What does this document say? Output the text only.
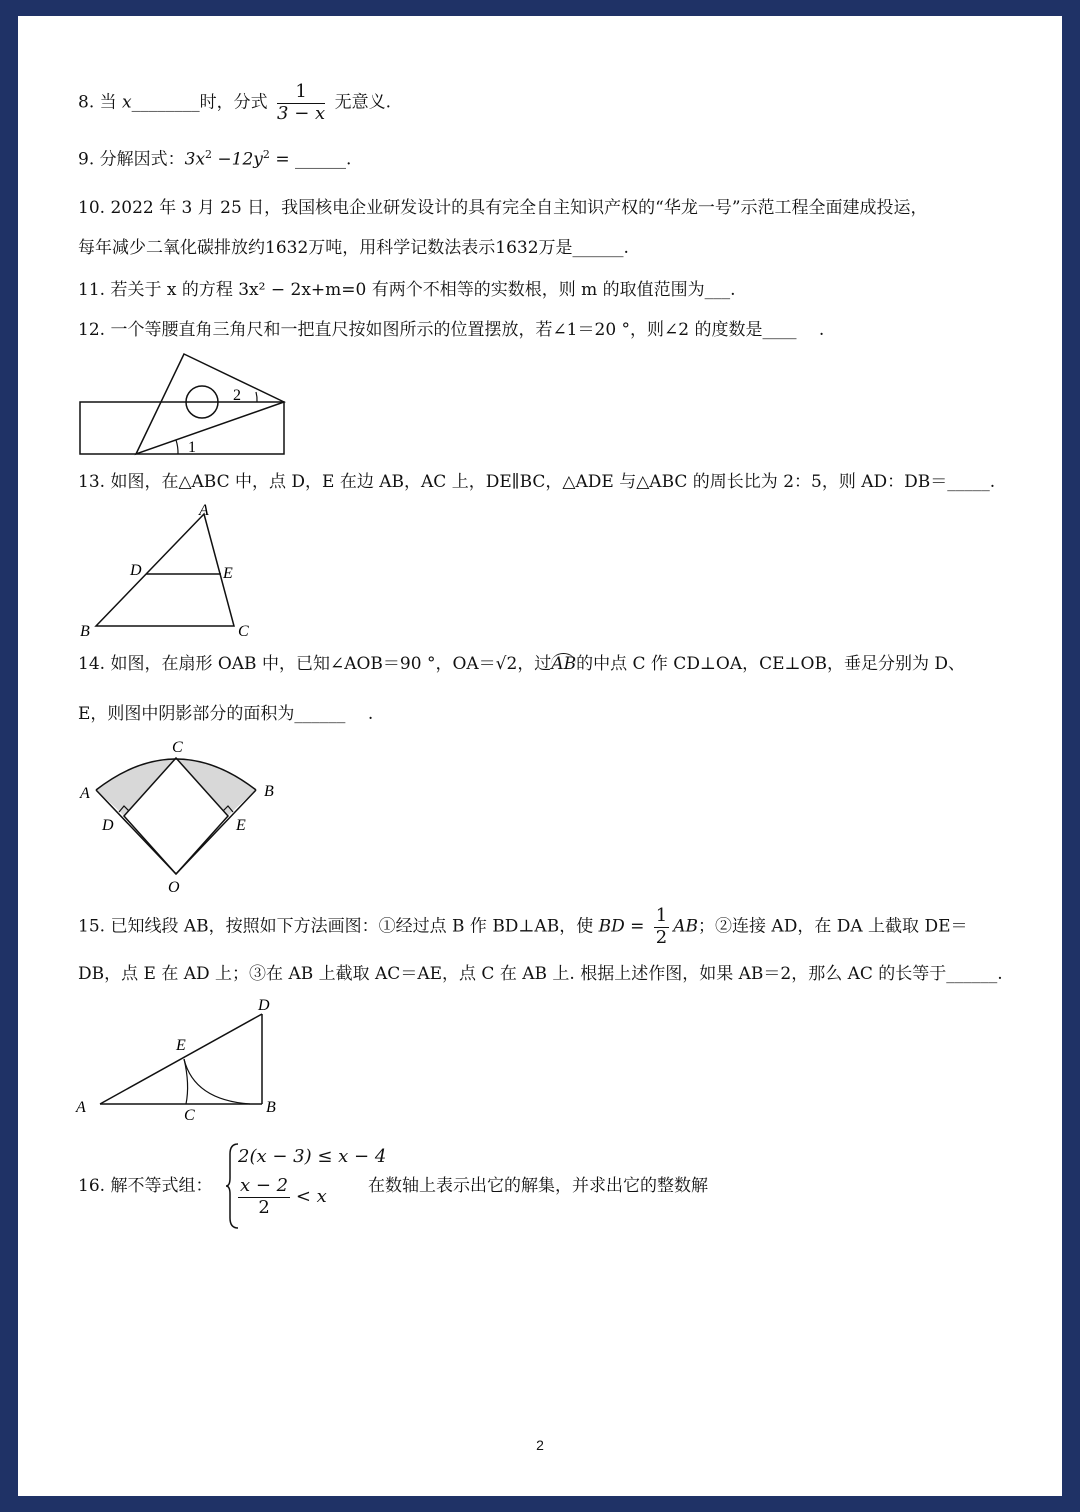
8. 当 x________时，分式 $\frac{1}{3 - x}$ 无意义.
9. 分解因式：$3x^2 -12y^2$ = ______.
10. 2022 年 3 月 25 日，我国核电企业研发设计的具有完全自主知识产权的“华龙一号”示范工程全面建成投运，
每年减少二氧化碳排放约1632万吨，用科学记数法表示1632万是______.
11. 若关于 x 的方程 3x² − 2x+m=0 有两个不相等的实数根，则 m 的取值范围为___.
12. 一个等腰直角三角尺和一把直尺按如图所示的位置摆放，若∠1＝20 °，则∠2 的度数是____　 .
2
1
13. 如图，在△ABC 中，点 D，E 在边 AB，AC 上，DE∥BC，△ADE 与△ABC 的周长比为 2：5，则 AD：DB＝_____.
A
D	E
B	C
14. 如图，在扇形 OAB 中，已知∠AOB＝90 °，OA＝√2，过AB的中点 C 作 CD⊥OA，CE⊥OB，垂足分别为 D、
E，则图中阴影部分的面积为______　 .
C
A	B
D	E
O
15. 已知线段 AB，按照如下方法画图：①经过点 B 作 BD⊥AB，使 BD = $\frac{1}{2}$ AB；②连接 AD，在 DA 上截取 DE＝
DB，点 E 在 AD 上；③在 AB 上截取 AC＝AE，点 C 在 AB 上. 根据上述作图，如果 AB＝2，那么 AC 的长等于______.
D
E
A	C	B
16. 解不等式组：
2(x − 3) ≤ x − 4
$\frac{x - 2}{2} < x$
在数轴上表示出它的解集，并求出它的整数解
2
